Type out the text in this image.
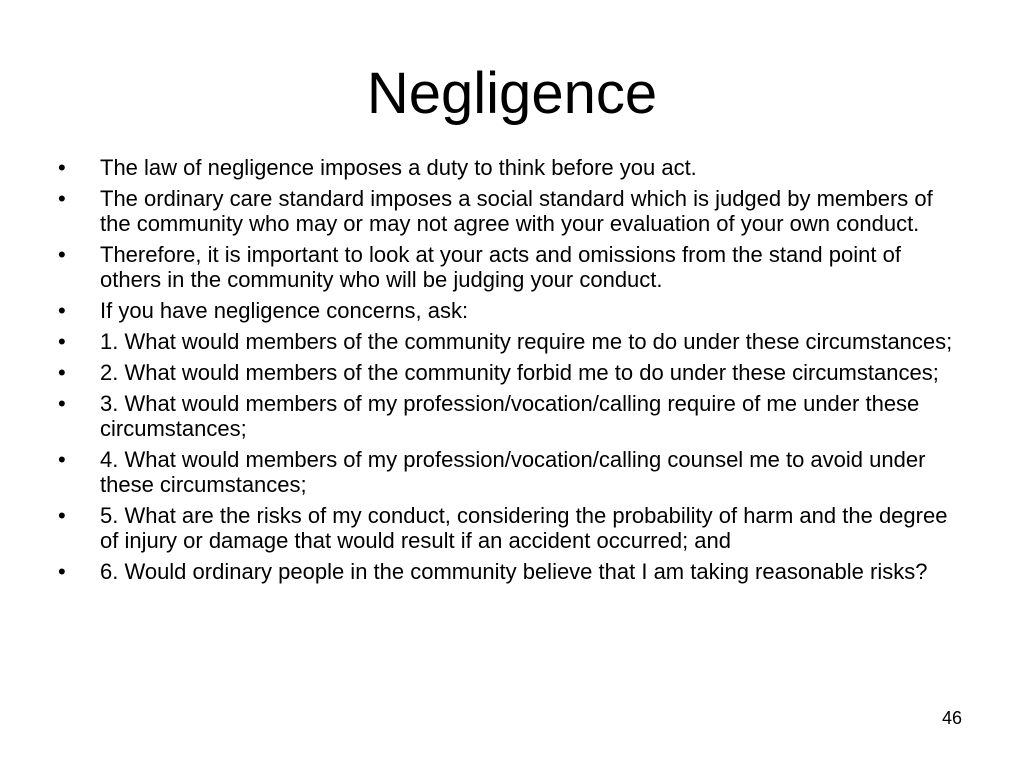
Negligence
• The law of negligence imposes a duty to think before you act.
• The ordinary care standard imposes a social standard which is judged by members of the community who may or may not agree with your evaluation of your own conduct.
• Therefore, it is important to look at your acts and omissions from the stand point of others in the community who will be judging your conduct.
• If you have negligence concerns, ask:
• 1. What would members of the community require me to do under these circumstances;
• 2. What would members of the community forbid me to do under these circumstances;
• 3. What would members of my profession/vocation/calling require of me under these circumstances;
• 4. What would members of my profession/vocation/calling counsel me to avoid under these circumstances;
• 5. What are the risks of my conduct, considering the probability of harm and the degree of injury or damage that would result if an accident occurred; and
• 6. Would ordinary people in the community believe that I am taking reasonable risks?
46
